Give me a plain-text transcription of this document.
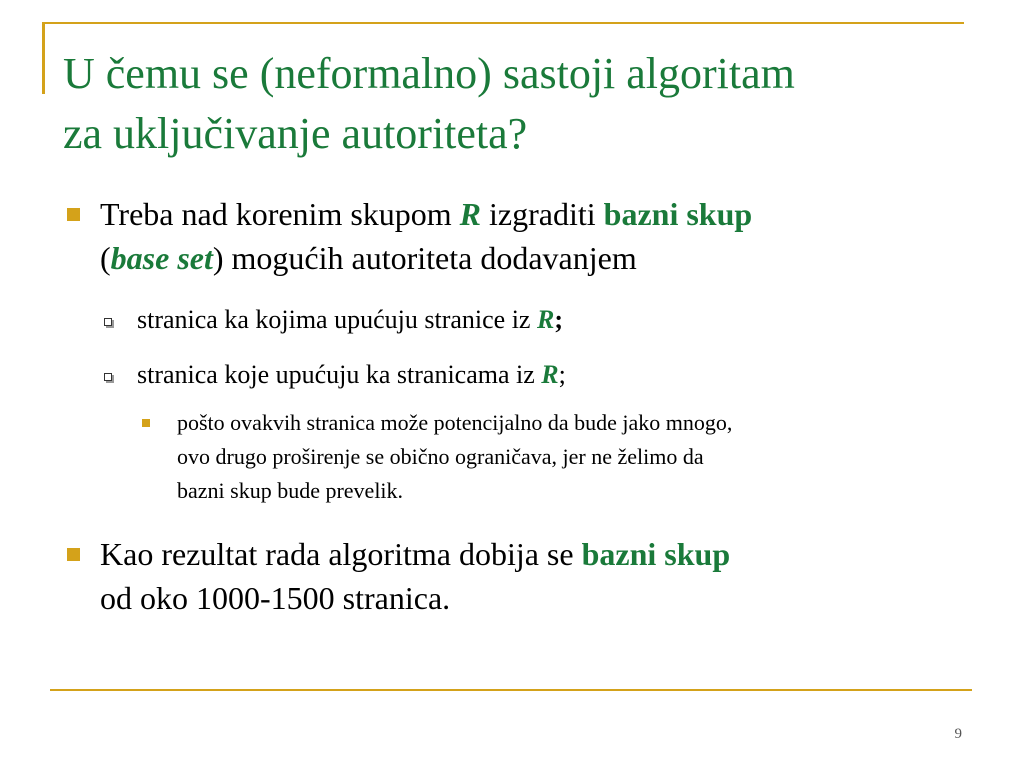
U čemu se (neformalno) sastoji algoritam
za uključivanje autoriteta?
Treba nad korenim skupom R izgraditi bazni skup
(base set) mogućih autoriteta dodavanjem
stranica ka kojima upućuju stranice iz R;
stranica koje upućuju ka stranicama iz R;
pošto ovakvih stranica može potencijalno da bude jako mnogo,
ovo drugo proširenje se obično ograničava, jer ne želimo da
bazni skup bude prevelik.
Kao rezultat rada algoritma dobija se bazni skup
od oko 1000-1500 stranica.
9
